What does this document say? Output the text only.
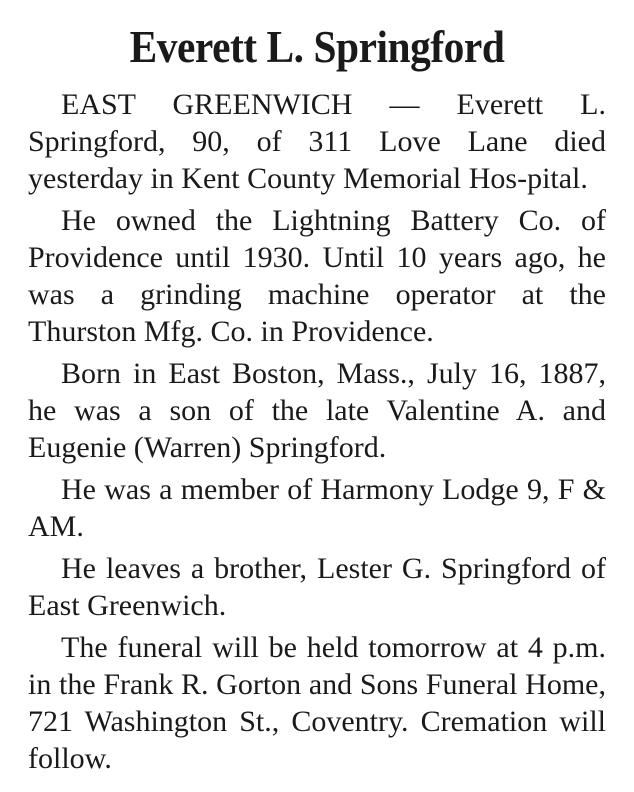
Everett L. Springford

EAST GREENWICH — Everett L. Springford, 90, of 311 Love Lane died yesterday in Kent County Memorial Hos-pital.

He owned the Lightning Battery Co. of Providence until 1930. Until 10 years ago, he was a grinding machine operator at the Thurston Mfg. Co. in Providence.

Born in East Boston, Mass., July 16, 1887, he was a son of the late Valentine A. and Eugenie (Warren) Springford.

He was a member of Harmony Lodge 9, F & AM.

He leaves a brother, Lester G. Springford of East Greenwich.

The funeral will be held tomorrow at 4 p.m. in the Frank R. Gorton and Sons Funeral Home, 721 Washington St., Coventry. Cremation will follow.
